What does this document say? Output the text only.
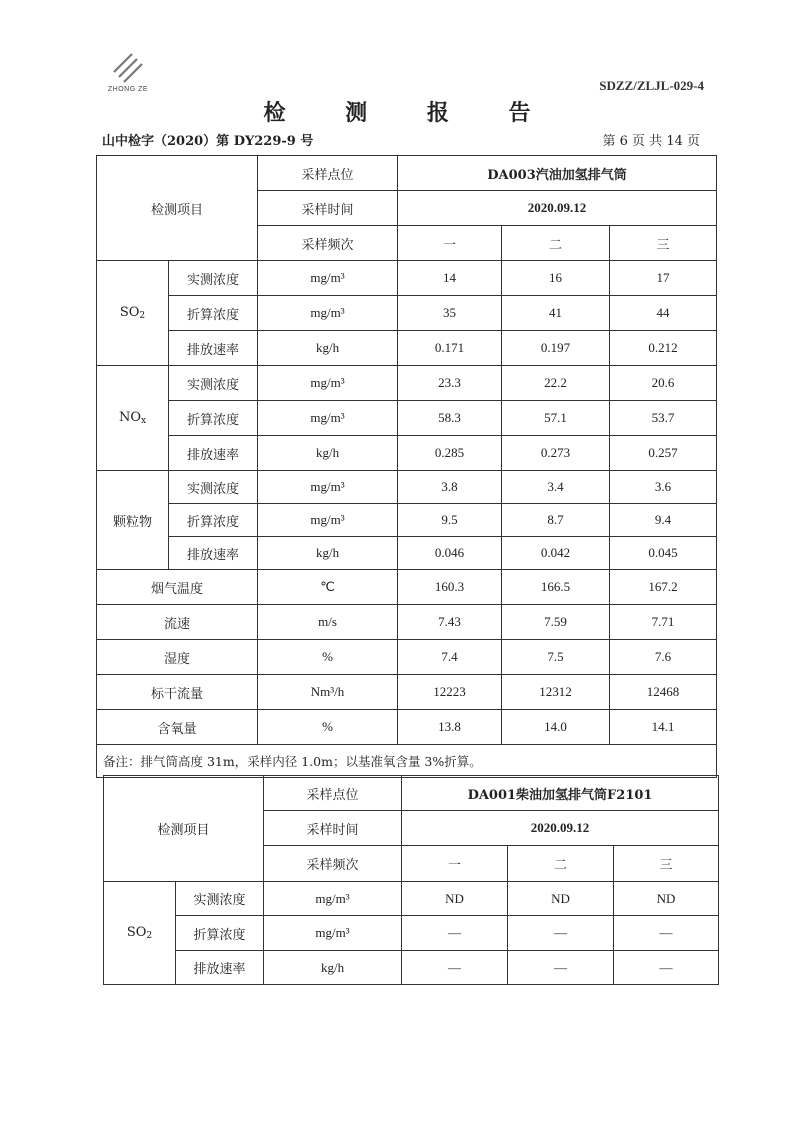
ZHONG ZE	SDZZ/ZLJL-029-4
检 测 报 告
山中检字（2020）第 DY229-9 号	第 6 页 共 14 页
检测项目		采样点位	DA003汽油加氢排气筒		
		采样时间	2020.09.12		
		采样频次	一	二	三
$SO_2$	实测浓度	mg/m³	14	16	17
	折算浓度	mg/m³	35	41	44
	排放速率	kg/h	0.171	0.197	0.212
$NO_x$	实测浓度	mg/m³	23.3	22.2	20.6
	折算浓度	mg/m³	58.3	57.1	53.7
	排放速率	kg/h	0.285	0.273	0.257
颗粒物	实测浓度	mg/m³	3.8	3.4	3.6
	折算浓度	mg/m³	9.5	8.7	9.4
	排放速率	kg/h	0.046	0.042	0.045
烟气温度		℃	160.3	166.5	167.2
流速		m/s	7.43	7.59	7.71
湿度		%	7.4	7.5	7.6
标干流量		Nm³/h	12223	12312	12468
含氧量		%	13.8	14.0	14.1
备注：排气筒高度 31m，采样内径 1.0m；以基准氧含量 3%折算。					
检测项目		采样点位	DA001柴油加氢排气筒F2101		
		采样时间	2020.09.12		
		采样频次	一	二	三
$SO_2$	实测浓度	mg/m³	ND	ND	ND
	折算浓度	mg/m³	—	—	—
	排放速率	kg/h	—	—	—
